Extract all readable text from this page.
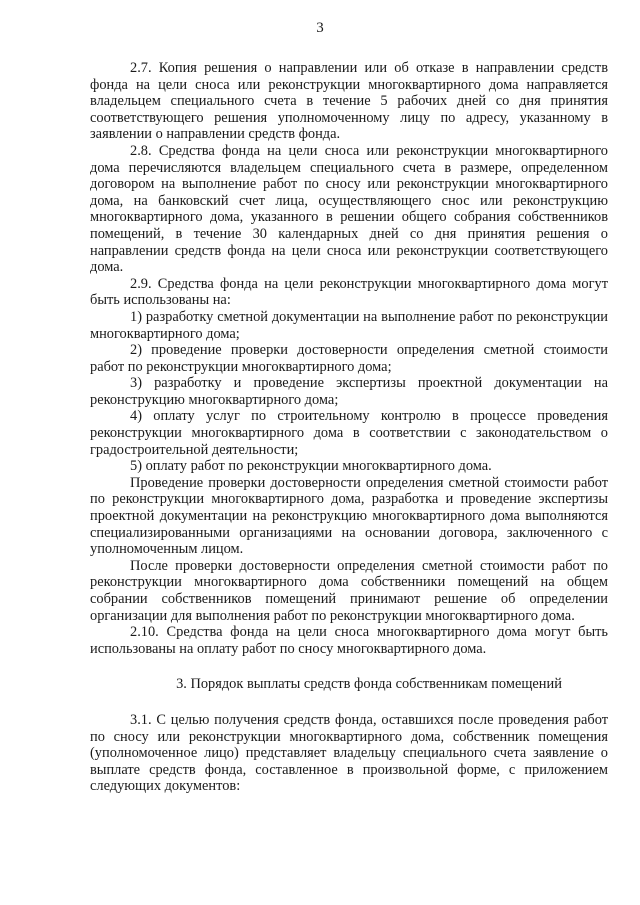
3

2.7. Копия решения о направлении или об отказе в направлении средств фонда на цели сноса или реконструкции многоквартирного дома направляется владельцем специального счета в течение 5 рабочих дней со дня принятия соответствующего решения уполномоченному лицу по адресу, указанному в заявлении о направлении средств фонда.

2.8. Средства фонда на цели сноса или реконструкции многоквартирного дома перечисляются владельцем специального счета в размере, определенном договором на выполнение работ по сносу или реконструкции многоквартирного дома, на банковский счет лица, осуществляющего снос или реконструкцию многоквартирного дома, указанного в решении общего собрания собственников помещений, в течение 30 календарных дней со дня принятия решения о направлении средств фонда на цели сноса или реконструкции соответствующего дома.

2.9. Средства фонда на цели реконструкции многоквартирного дома могут быть использованы на:

1) разработку сметной документации на выполнение работ по реконструкции многоквартирного дома;

2) проведение проверки достоверности определения сметной стоимости работ по реконструкции многоквартирного дома;

3) разработку и проведение экспертизы проектной документации на реконструкцию многоквартирного дома;

4) оплату услуг по строительному контролю в процессе проведения реконструкции многоквартирного дома в соответствии с законодательством о градостроительной деятельности;

5) оплату работ по реконструкции многоквартирного дома.

Проведение проверки достоверности определения сметной стоимости работ по реконструкции многоквартирного дома, разработка и проведение экспертизы проектной документации на реконструкцию многоквартирного дома выполняются специализированными организациями на основании договора, заключенного с уполномоченным лицом.

После проверки достоверности определения сметной стоимости работ по реконструкции многоквартирного дома собственники помещений на общем собрании собственников помещений принимают решение об определении организации для выполнения работ по реконструкции многоквартирного дома.

2.10. Средства фонда на цели сноса многоквартирного дома могут быть использованы на оплату работ по сносу многоквартирного дома.

3. Порядок выплаты средств фонда собственникам помещений

3.1. С целью получения средств фонда, оставшихся после проведения работ по сносу или реконструкции многоквартирного дома, собственник помещения (уполномоченное лицо) представляет владельцу специального счета заявление о выплате средств фонда, составленное в произвольной форме, с приложением следующих документов:
